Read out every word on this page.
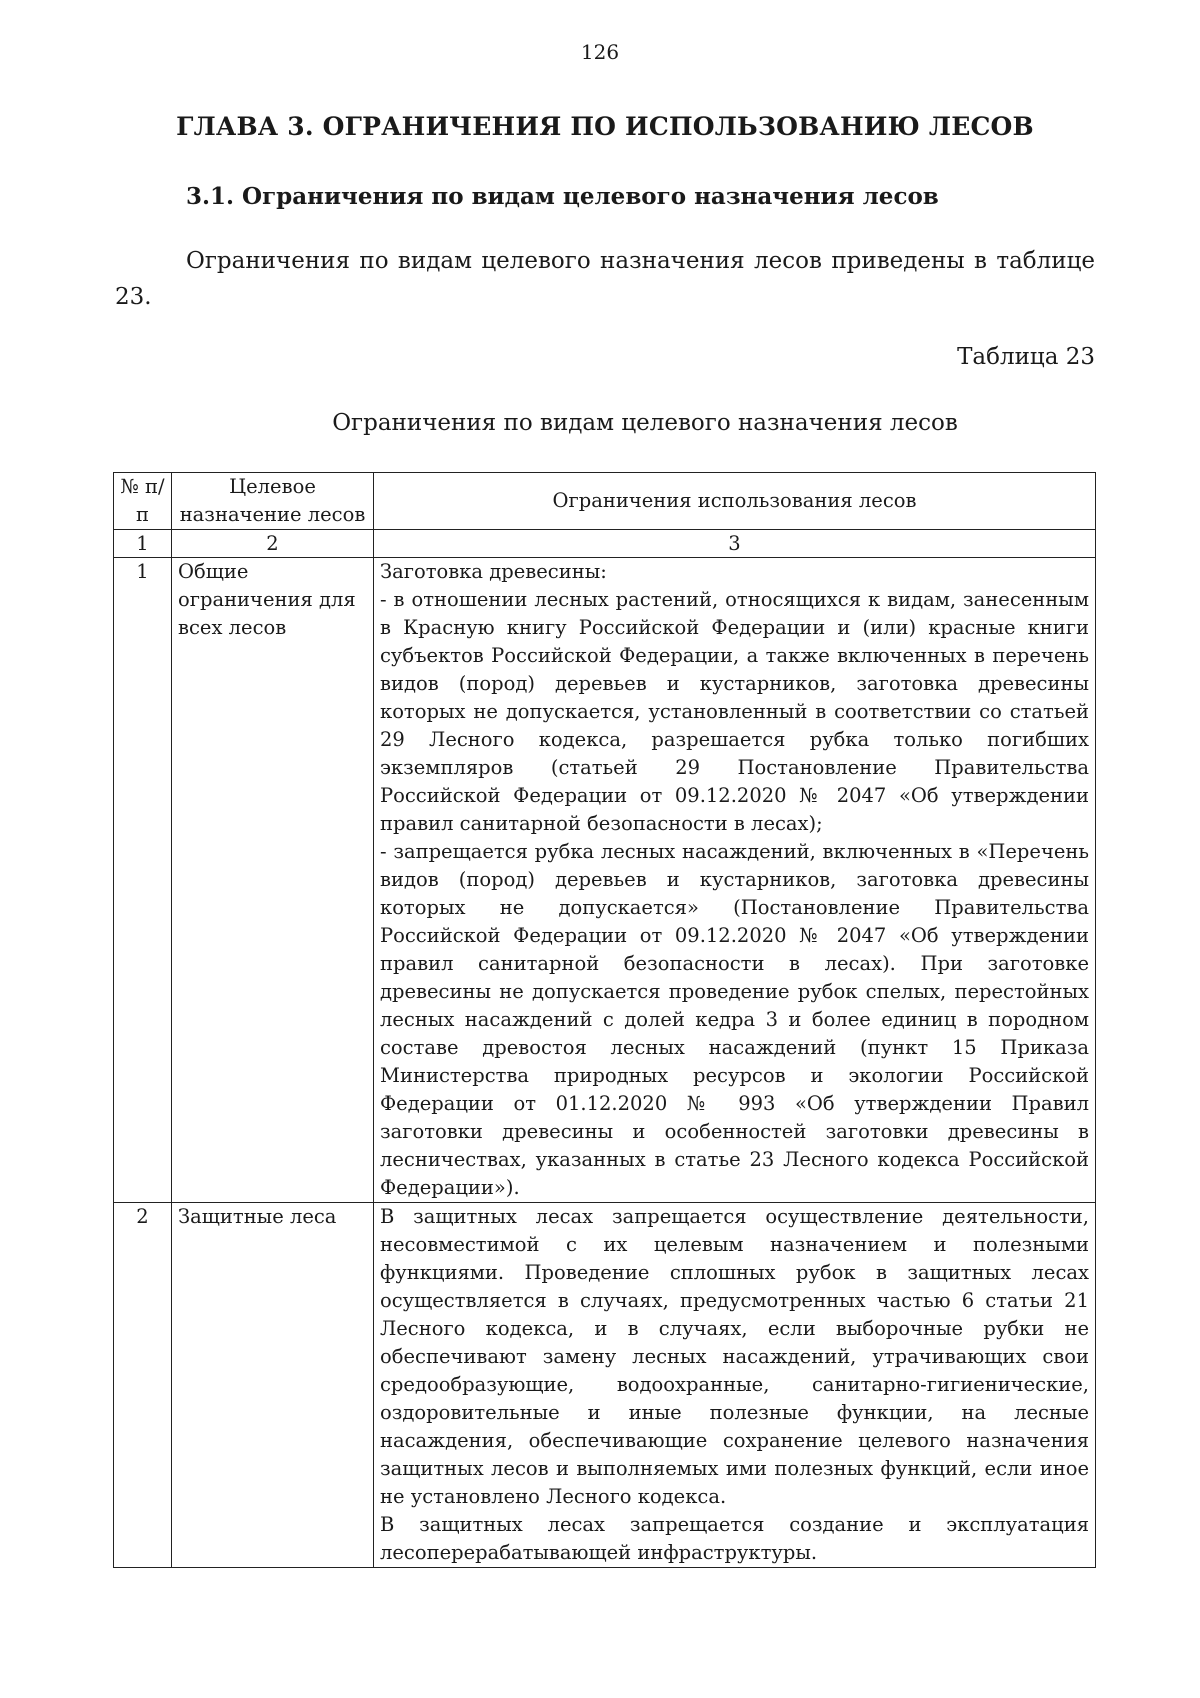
126
ГЛАВА 3. ОГРАНИЧЕНИЯ ПО ИСПОЛЬЗОВАНИЮ ЛЕСОВ
3.1. Ограничения по видам целевого назначения лесов
Ограничения по видам целевого назначения лесов приведены в таблице 23.
Таблица 23
Ограничения по видам целевого назначения лесов
№ п/п	Целевое назначение лесов	Ограничения использования лесов
1	2	3
1	Общие ограничения для всех лесов	Заготовка древесины:

- в отношении лесных растений, относящихся к видам, занесенным в Красную книгу Российской Федерации и (или) красные книги субъектов Российской Федерации, а также включенных в перечень видов (пород) деревьев и кустарников, заготовка древесины которых не допускается, установленный в соответствии со статьей 29 Лесного кодекса, разрешается рубка только погибших экземпляров (статьей 29 Постановление Правительства Российской Федерации от 09.12.2020 № 2047 «Об утверждении правил санитарной безопасности в лесах);

- запрещается рубка лесных насаждений, включенных в «Перечень видов (пород) деревьев и кустарников, заготовка древесины которых не допускается» (Постановление Правительства Российской Федерации от 09.12.2020 № 2047 «Об утверждении правил санитарной безопасности в лесах). При заготовке древесины не допускается проведение рубок спелых, перестойных лесных насаждений с долей кедра 3 и более единиц в породном составе древостоя лесных насаждений (пункт 15 Приказа Министерства природных ресурсов и экологии Российской Федерации от 01.12.2020 № 993 «Об утверждении Правил заготовки древесины и особенностей заготовки древесины в лесничествах, указанных в статье 23 Лесного кодекса Российской Федерации»).

2	Защитные леса	В защитных лесах запрещается осуществление деятельности, несовместимой с их целевым назначением и полезными функциями. Проведение сплошных рубок в защитных лесах осуществляется в случаях, предусмотренных частью 6 статьи 21 Лесного кодекса, и в случаях, если выборочные рубки не обеспечивают замену лесных насаждений, утрачивающих свои средообразующие, водоохранные, санитарно-гигиенические, оздоровительные и иные полезные функции, на лесные насаждения, обеспечивающие сохранение целевого назначения защитных лесов и выполняемых ими полезных функций, если иное не установлено Лесного кодекса.

В защитных лесах запрещается создание и эксплуатация лесоперерабатывающей инфраструктуры.
